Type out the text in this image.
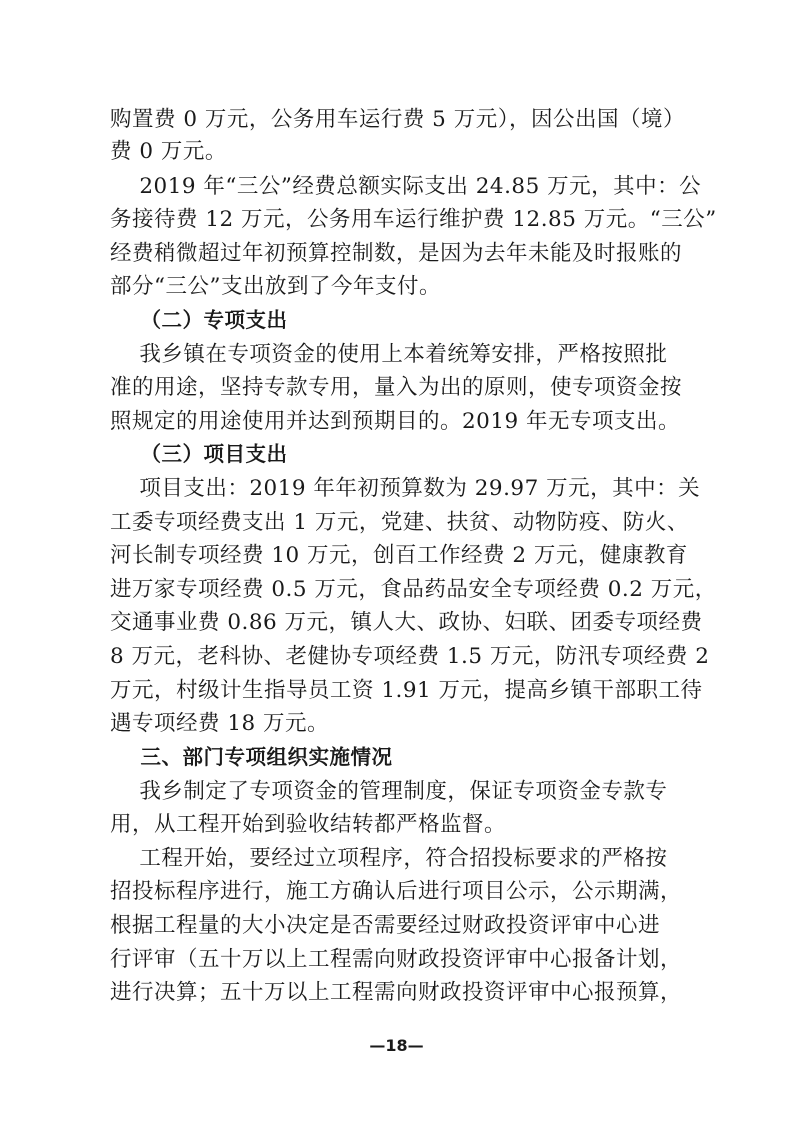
购置费 0 万元，公务用车运行费 5 万元），因公出国（境）
费 0 万元。
2019 年“三公”经费总额实际支出 24.85 万元，其中：公
务接待费 12 万元，公务用车运行维护费 12.85 万元。“三公”
经费稍微超过年初预算控制数，是因为去年未能及时报账的
部分“三公”支出放到了今年支付。
（二）专项支出
我乡镇在专项资金的使用上本着统筹安排，严格按照批
准的用途，坚持专款专用，量入为出的原则，使专项资金按
照规定的用途使用并达到预期目的。2019 年无专项支出。
（三）项目支出
项目支出：2019 年年初预算数为 29.97 万元，其中：关
工委专项经费支出 1 万元，党建、扶贫、动物防疫、防火、
河长制专项经费 10 万元，创百工作经费 2 万元，健康教育
进万家专项经费 0.5 万元，食品药品安全专项经费 0.2 万元，
交通事业费 0.86 万元，镇人大、政协、妇联、团委专项经费
8 万元，老科协、老健协专项经费 1.5 万元，防汛专项经费 2
万元，村级计生指导员工资 1.91 万元，提高乡镇干部职工待
遇专项经费 18 万元。
三、部门专项组织实施情况
我乡制定了专项资金的管理制度，保证专项资金专款专
用，从工程开始到验收结转都严格监督。
工程开始，要经过立项程序，符合招投标要求的严格按
招投标程序进行，施工方确认后进行项目公示，公示期满，
根据工程量的大小决定是否需要经过财政投资评审中心进
行评审（五十万以上工程需向财政投资评审中心报备计划，
进行决算；五十万以上工程需向财政投资评审中心报预算，
—18—
